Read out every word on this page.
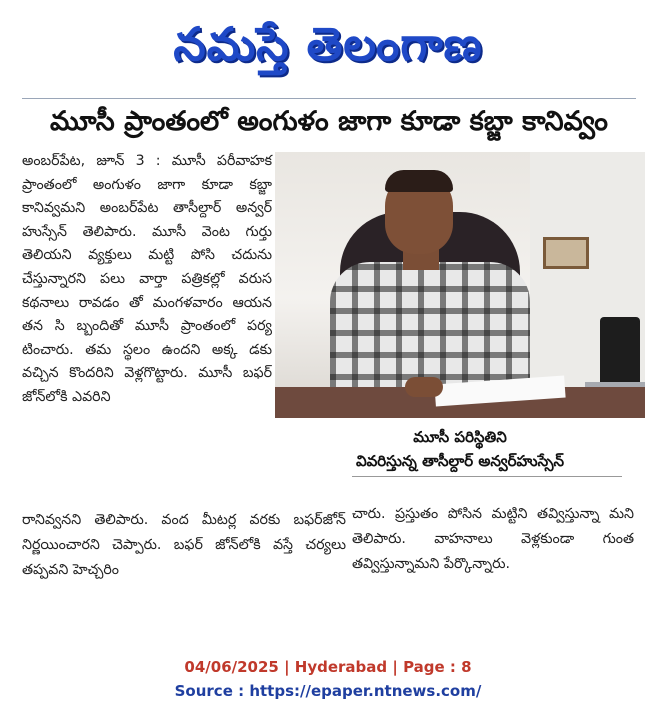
నమస్తే తెలంగాణ
మూసీ ప్రాంతంలో అంగుళం జాగా కూడా కబ్జా కానివ్వం

అంబర్‌పేట, జూన్ 3 : మూసీ పరీవాహక ప్రాంతంలో అంగుళం జాగా కూడా కబ్జా కానివ్వమని అంబర్‌పేట తాసీల్దార్ అన్వర్ హుస్సేన్ తెలిపారు. మూసీ వెంట గుర్తు తెలియని వ్యక్తులు మట్టి పోసి చదును చేస్తున్నారని పలు వార్తా పత్రికల్లో వరుస కథనాలు రావడం తో మంగళవారం ఆయన తన సి బ్బందితో మూసీ ప్రాంతంలో పర్య టించారు. తమ స్థలం ఉందని అక్క డకు వచ్చిన కొందరిని వెళ్లగొట్టారు. మూసీ బఫర్ జోన్‌లోకి ఎవరిని

మూసీ పరిస్థితిని
వివరిస్తున్న తాసీల్దార్ అన్వర్‌హుస్సేన్

రానివ్వనని తెలిపారు. వంద మీటర్ల వరకు బఫర్‌జోన్ నిర్ణయించారని చెప్పారు. బఫర్ జోన్‌లోకి వస్తే చర్యలు తప్పవని హెచ్చరిం

చారు. ప్రస్తుతం పోసిన మట్టిని తవ్విస్తున్నా మని తెలిపారు. వాహనాలు వెళ్లకుండా గుంత తవ్విస్తున్నామని పేర్కొన్నారు.

04/06/2025 | Hyderabad | Page : 8
Source : https://epaper.ntnews.com/
